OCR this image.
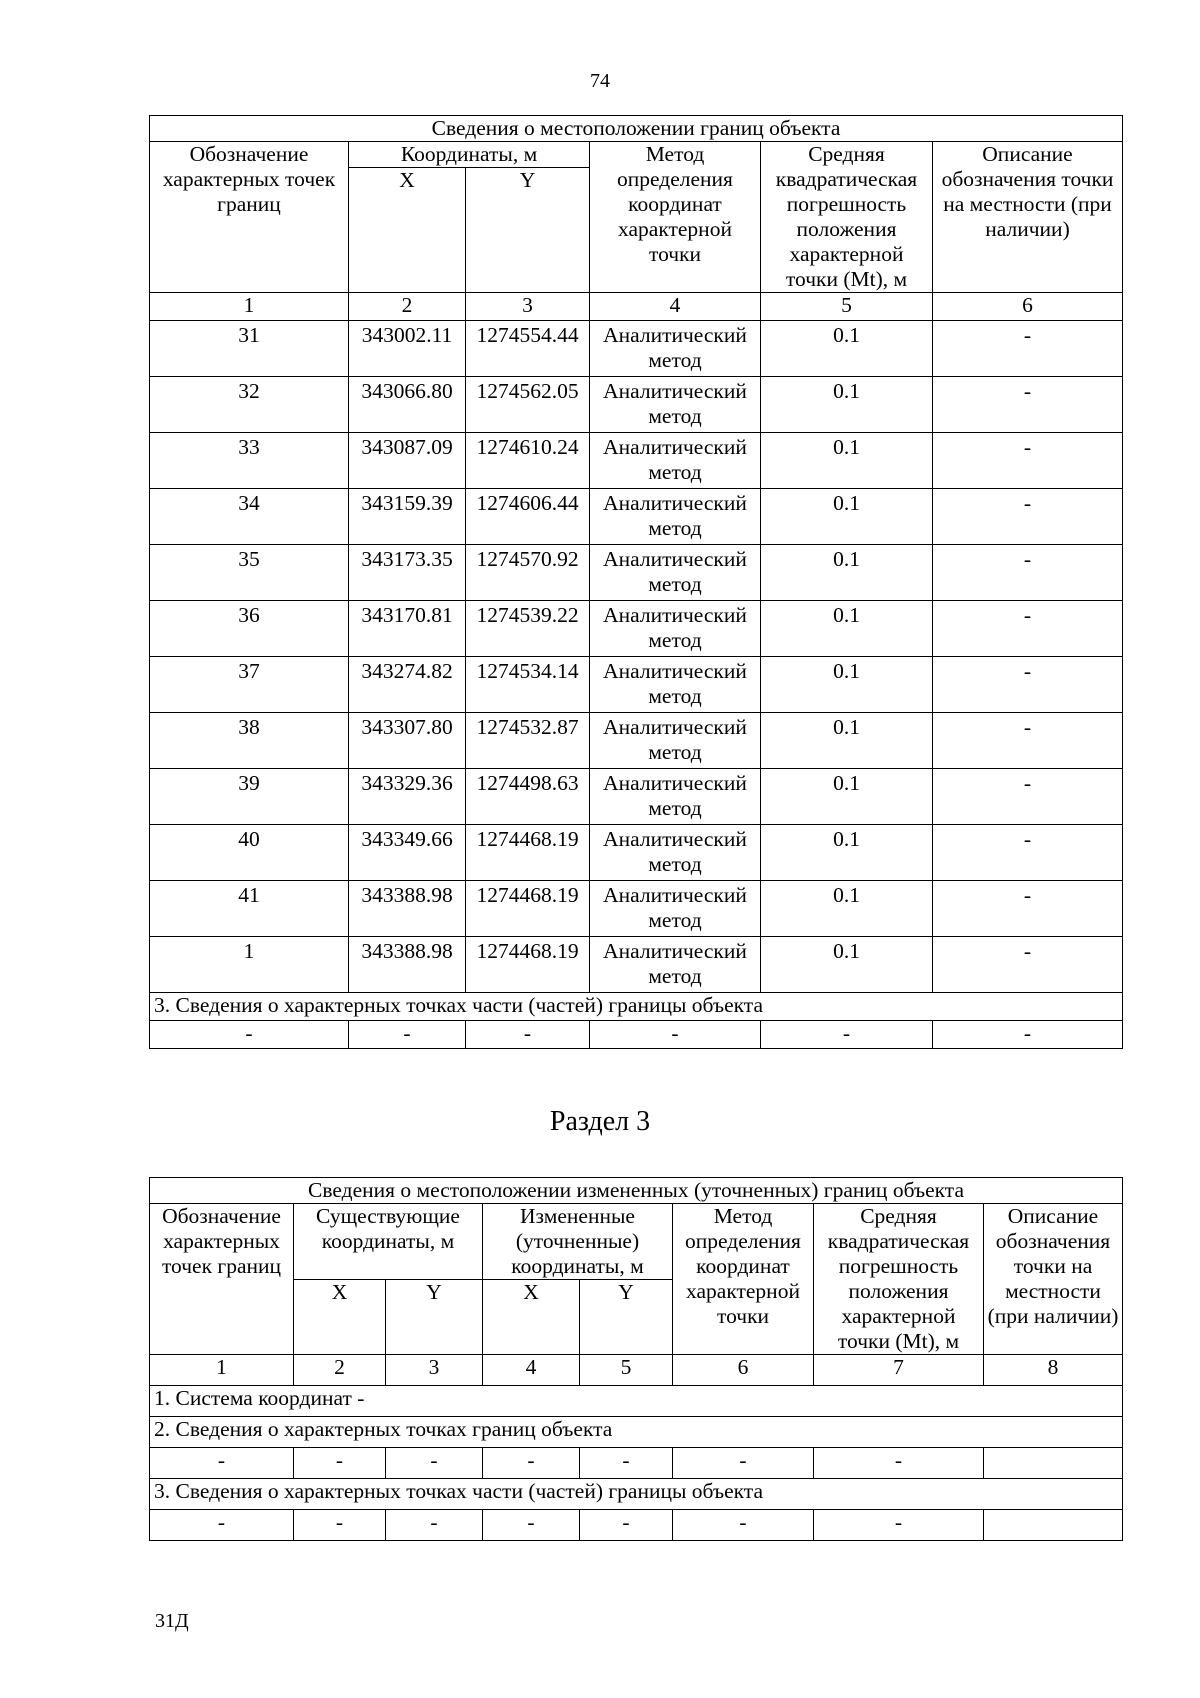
74
Сведения о местоположении границ объекта					
Обозначение характерных точек границ	Координаты, м		Метод определения координат характерной точки	Средняя квадратическая погрешность положения характерной точки (Mt), м	Описание обозначения точки на местности (при наличии)
	X	Y			
1	2	3	4	5	6
31	343002.11	1274554.44	Аналитический метод	0.1	-
32	343066.80	1274562.05	Аналитический метод	0.1	-
33	343087.09	1274610.24	Аналитический метод	0.1	-
34	343159.39	1274606.44	Аналитический метод	0.1	-
35	343173.35	1274570.92	Аналитический метод	0.1	-
36	343170.81	1274539.22	Аналитический метод	0.1	-
37	343274.82	1274534.14	Аналитический метод	0.1	-
38	343307.80	1274532.87	Аналитический метод	0.1	-
39	343329.36	1274498.63	Аналитический метод	0.1	-
40	343349.66	1274468.19	Аналитический метод	0.1	-
41	343388.98	1274468.19	Аналитический метод	0.1	-
1	343388.98	1274468.19	Аналитический метод	0.1	-
3. Сведения о характерных точках части (частей) границы объекта					
-	-	-	-	-	-
Раздел 3
Сведения о местоположении измененных (уточненных) границ объекта							
Обозначение характерных точек границ	Существующие координаты, м		Измененные (уточненные) координаты, м		Метод определения координат характерной точки	Средняя квадратическая погрешность положения характерной точки (Mt), м	Описание обозначения точки на местности (при наличии)
	X	Y	X	Y			
1	2	3	4	5	6	7	8
1. Система координат -							
2. Сведения о характерных точках границ объекта							
-	-	-	-	-	-	-	
3. Сведения о характерных точках части (частей) границы объекта							
-	-	-	-	-	-	-	
31Д
